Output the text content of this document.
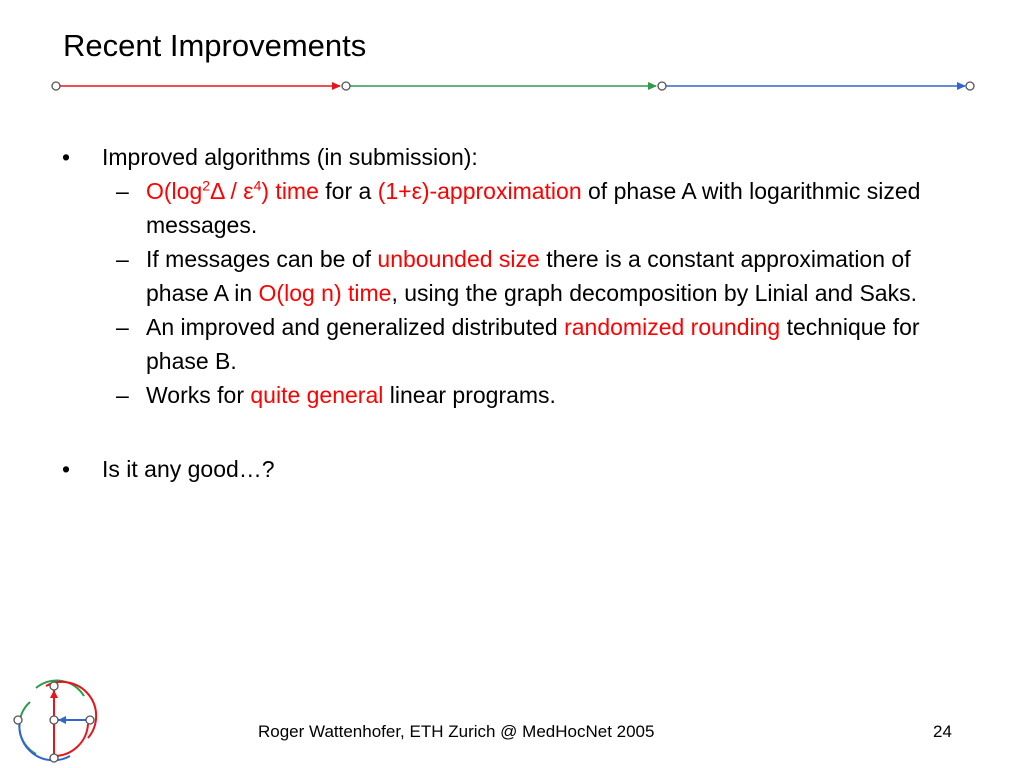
Recent Improvements
• Improved algorithms (in submission):
– $O(\log^2\Delta / \varepsilon^4)$ time for a (1+ε)-approximation of phase A with logarithmic sized messages.
– If messages can be of unbounded size there is a constant approximation of phase A in O(log n) time, using the graph decomposition by Linial and Saks.
– An improved and generalized distributed randomized rounding technique for phase B.
– Works for quite general linear programs.
• Is it any good…?
Roger Wattenhofer, ETH Zurich @ MedHocNet 2005	24
